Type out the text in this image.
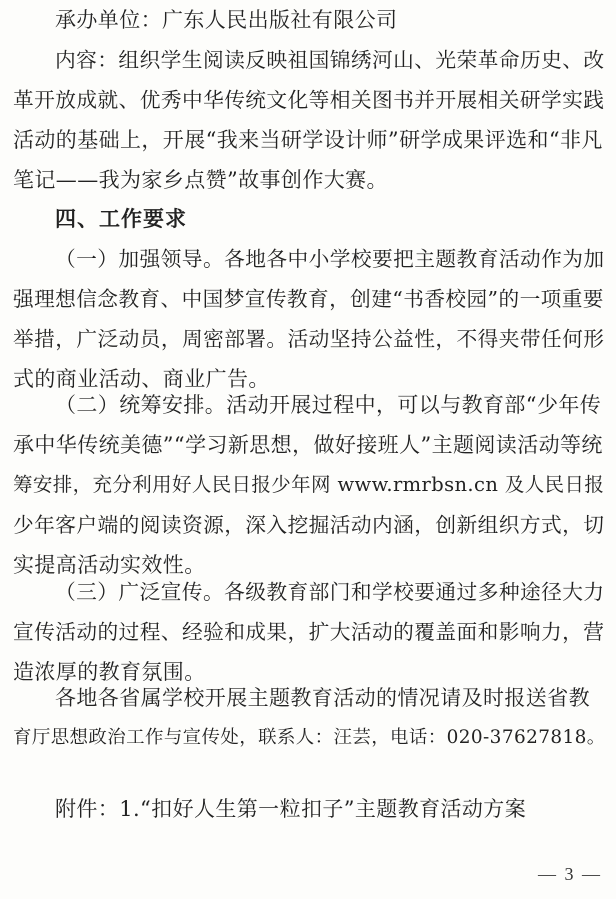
承办单位：广东人民出版社有限公司
内容：组织学生阅读反映祖国锦绣河山、光荣革命历史、改
革开放成就、优秀中华传统文化等相关图书并开展相关研学实践
活动的基础上，开展“我来当研学设计师”研学成果评选和“非凡
笔记——我为家乡点赞”故事创作大赛。
四、工作要求
（一）加强领导。各地各中小学校要把主题教育活动作为加
强理想信念教育、中国梦宣传教育，创建“书香校园”的一项重要
举措，广泛动员，周密部署。活动坚持公益性，不得夹带任何形
式的商业活动、商业广告。
（二）统筹安排。活动开展过程中，可以与教育部“少年传
承中华传统美德”“学习新思想，做好接班人”主题阅读活动等统
筹安排，充分利用好人民日报少年网 www.rmrbsn.cn 及人民日报
少年客户端的阅读资源，深入挖掘活动内涵，创新组织方式，切
实提高活动实效性。
（三）广泛宣传。各级教育部门和学校要通过多种途径大力
宣传活动的过程、经验和成果，扩大活动的覆盖面和影响力，营
造浓厚的教育氛围。
各地各省属学校开展主题教育活动的情况请及时报送省教
育厅思想政治工作与宣传处，联系人：汪芸，电话：020-37627818。
附件：1.“扣好人生第一粒扣子”主题教育活动方案
— 3 —
